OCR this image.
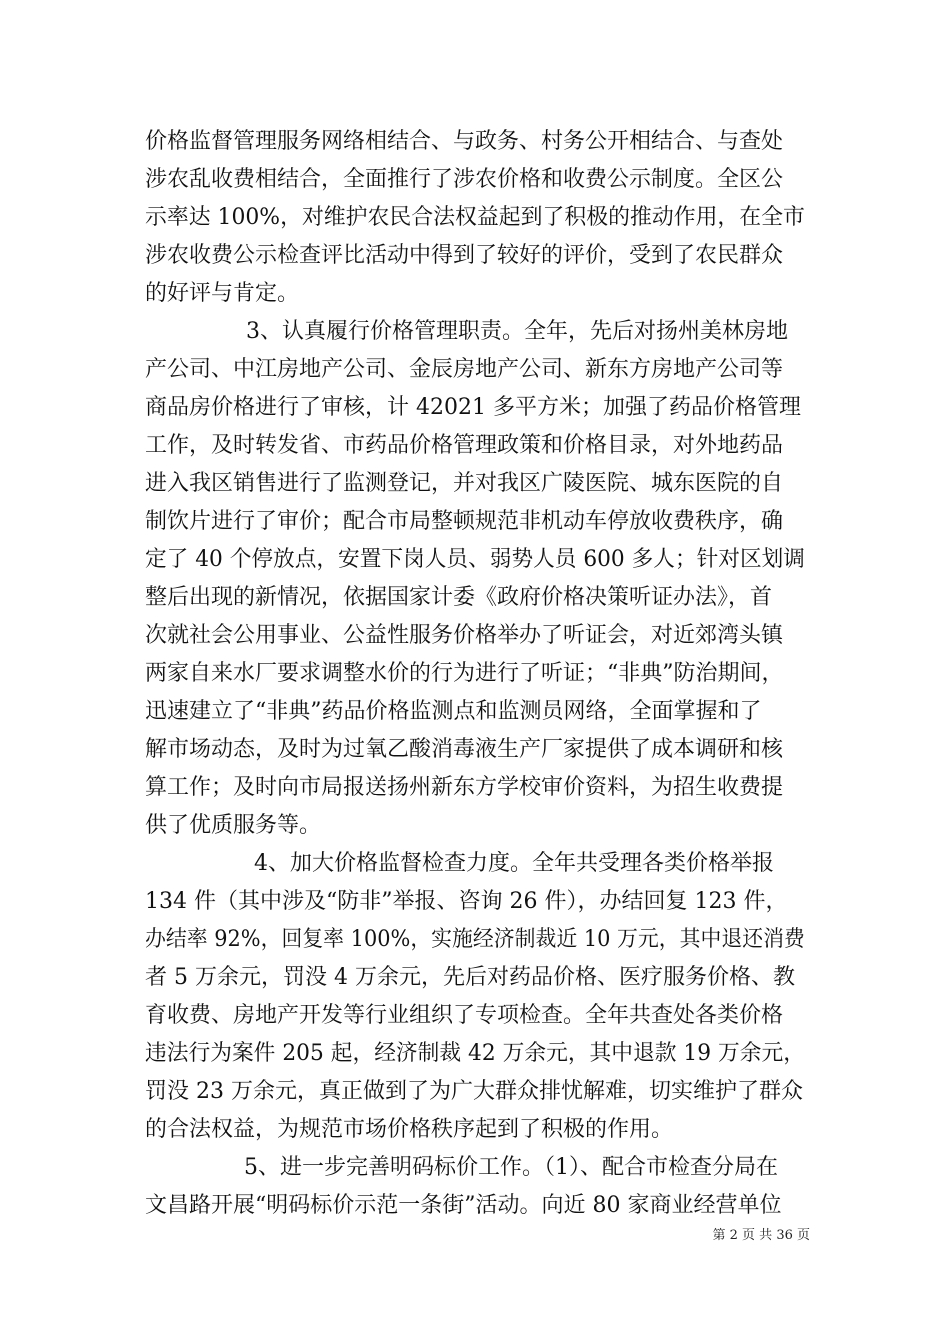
价格监督管理服务网络相结合、与政务、村务公开相结合、与查处
涉农乱收费相结合，全面推行了涉农价格和收费公示制度。全区公
示率达 100%，对维护农民合法权益起到了积极的推动作用，在全市
涉农收费公示检查评比活动中得到了较好的评价，受到了农民群众
的好评与肯定。
3、认真履行价格管理职责。全年，先后对扬州美林房地
产公司、中江房地产公司、金辰房地产公司、新东方房地产公司等
商品房价格进行了审核，计 42021 多平方米；加强了药品价格管理
工作，及时转发省、市药品价格管理政策和价格目录，对外地药品
进入我区销售进行了监测登记，并对我区广陵医院、城东医院的自
制饮片进行了审价；配合市局整顿规范非机动车停放收费秩序，确
定了 40 个停放点，安置下岗人员、弱势人员 600 多人；针对区划调
整后出现的新情况，依据国家计委《政府价格决策听证办法》，首
次就社会公用事业、公益性服务价格举办了听证会，对近郊湾头镇
两家自来水厂要求调整水价的行为进行了听证；“非典”防治期间，
迅速建立了“非典”药品价格监测点和监测员网络，全面掌握和了
解市场动态，及时为过氧乙酸消毒液生产厂家提供了成本调研和核
算工作；及时向市局报送扬州新东方学校审价资料，为招生收费提
供了优质服务等。
4、加大价格监督检查力度。全年共受理各类价格举报
134 件（其中涉及“防非”举报、咨询 26 件），办结回复 123 件，
办结率 92%，回复率 100%，实施经济制裁近 10 万元，其中退还消费
者 5 万余元，罚没 4 万余元，先后对药品价格、医疗服务价格、教
育收费、房地产开发等行业组织了专项检查。全年共查处各类价格
违法行为案件 205 起，经济制裁 42 万余元，其中退款 19 万余元，
罚没 23 万余元，真正做到了为广大群众排忧解难，切实维护了群众
的合法权益，为规范市场价格秩序起到了积极的作用。
5、进一步完善明码标价工作。（1）、配合市检查分局在
文昌路开展“明码标价示范一条街”活动。向近 80 家商业经营单位
第 2 页 共 36 页
